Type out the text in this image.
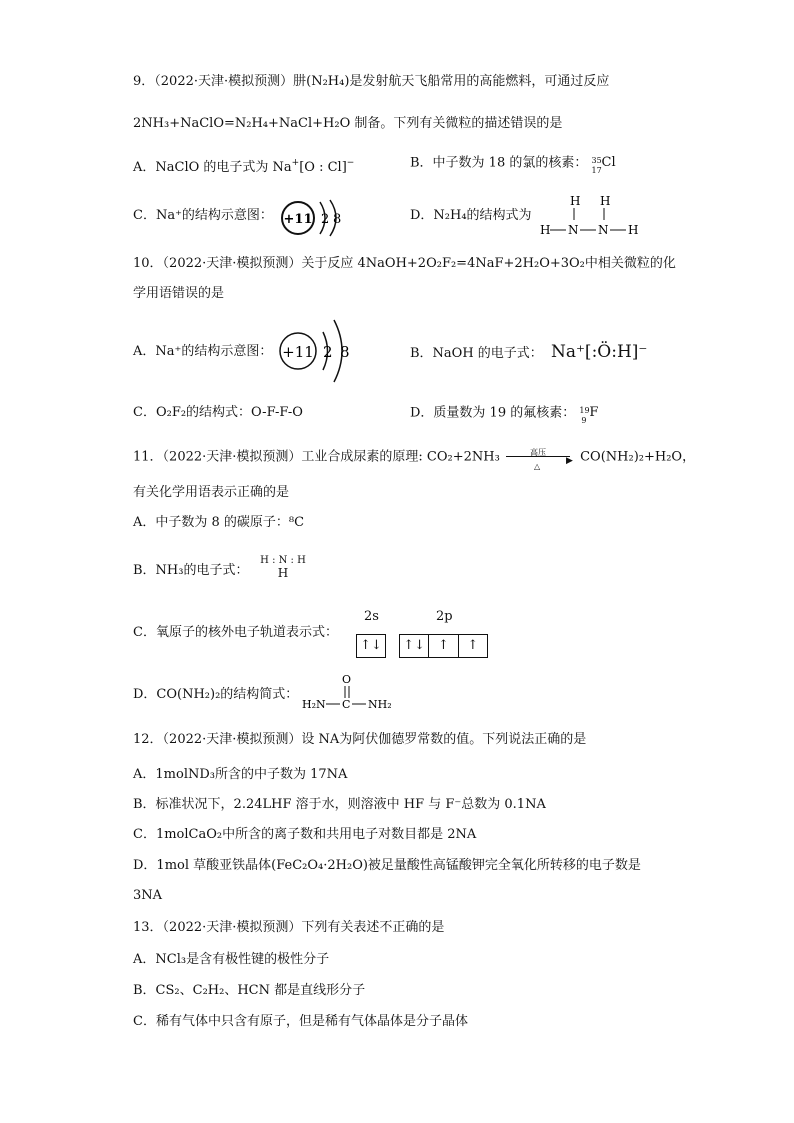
9．（2022·天津·模拟预测）肼(N₂H₄)是发射航天飞船常用的高能燃料，可通过反应
2NH₃+NaClO=N₂H₄+NaCl+H₂O 制备。下列有关微粒的描述错误的是
A．NaClO 的电子式为 Na+[O : Cl]−	B．中子数为 18 的氯的核素： 35
17
Cl
C．Na⁺的结构示意图： +11 2 8	D．N₂H₄的结构式为
H H
H N N H
10．（2022·天津·模拟预测）关于反应 4NaOH+2O₂F₂=4NaF+2H₂O+3O₂中相关微粒的化
学用语错误的是
A．Na⁺的结构示意图： +11 2 8	B．NaOH 的电子式： Na⁺[:Ö:H]⁻
C．O₂F₂的结构式：O-F-F-O	D．质量数为 19 的氟核素： 19
9
F
11．（2022·天津·模拟预测）工业合成尿素的原理: CO₂+2NH₃	高压
▶
△
CO(NH₂)₂+H₂O，
有关化学用语表示正确的是
A．中子数为 8 的碳原子：⁸C
B．NH₃的电子式：
H : N : H
H
C．氧原子的核外电子轨道表示式：
2s	2p
↑↓	↑↓ ↑	↑
D．CO(NH₂)₂的结构简式：
O
H₂N C NH₂
12．（2022·天津·模拟预测）设 NA为阿伏伽德罗常数的值。下列说法正确的是
A．1molND₃所含的中子数为 17NA
B．标准状况下，2.24LHF 溶于水，则溶液中 HF 与 F⁻总数为 0.1NA
C．1molCaO₂中所含的离子数和共用电子对数目都是 2NA
D．1mol 草酸亚铁晶体(FeC₂O₄·2H₂O)被足量酸性高锰酸钾完全氧化所转移的电子数是
3NA
13．（2022·天津·模拟预测）下列有关表述不正确的是
A．NCl₃是含有极性键的极性分子
B．CS₂、C₂H₂、HCN 都是直线形分子
C．稀有气体中只含有原子，但是稀有气体晶体是分子晶体
